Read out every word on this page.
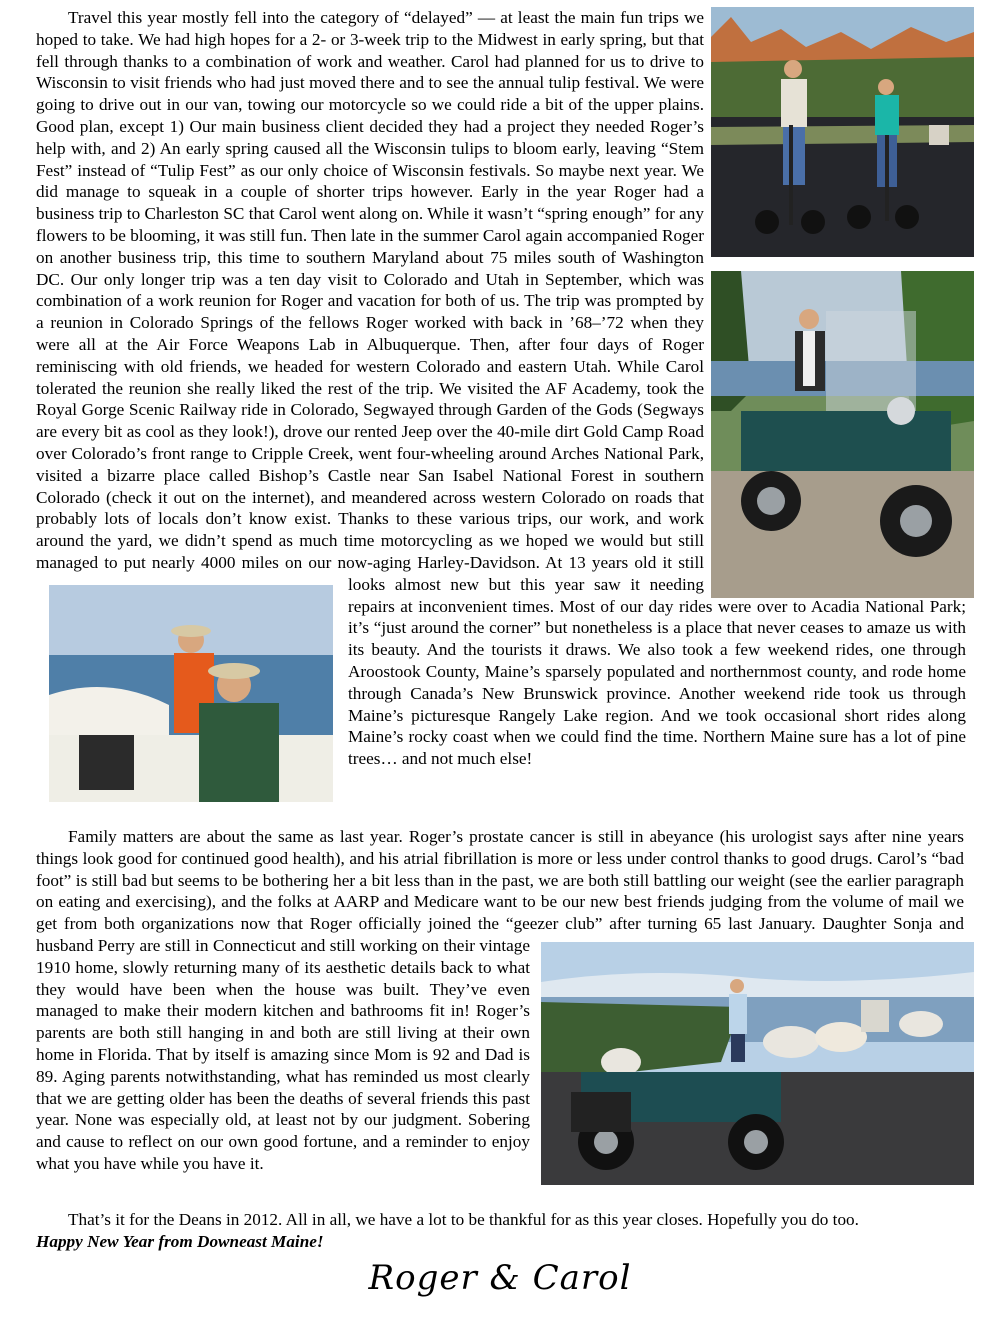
Travel this year mostly fell into the category of “delayed” — at least the main fun trips we hoped to take. We had high hopes for a 2- or 3-week trip to the Midwest in early spring, but that fell through thanks to a combination of work and weather. Carol had planned for us to drive to Wisconsin to visit friends who had just moved there and to see the annual tulip festival. We were going to drive out in our van, towing our motorcycle so we could ride a bit of the upper plains. Good plan, except 1) Our main business client decided they had a project they needed Roger’s help with, and 2) An early spring caused all the Wisconsin tulips to bloom early, leaving “Stem Fest” instead of “Tulip Fest” as our only choice of Wisconsin festivals. So maybe next year. We did manage to squeak in a couple of shorter trips however. Early in the year Roger had a business trip to Charleston SC that Carol went along on. While it wasn’t “spring enough” for any flowers to be blooming, it was still fun. Then late in the summer Carol again accompanied Roger on another business trip, this time to southern Maryland about 75 miles south of Washington DC. Our only longer trip was a ten day visit to Colorado and Utah in September, which was combination of a work reunion for Roger and vacation for both of us. The trip was prompted by a reunion in Colorado Springs of the fellows Roger worked with back in ’68–’72 when they were all at the Air Force Weapons Lab in Albuquerque. Then, after four days of Roger reminiscing with old friends, we headed for western Colorado and eastern Utah. While Carol tolerated the reunion she really liked the rest of the trip. We visited the AF Academy, took the Royal Gorge Scenic Railway ride in Colorado, Segwayed through Garden of the Gods (Segways are every bit as cool as they look!), drove our rented Jeep over the 40-mile dirt Gold Camp Road over Colorado’s front range to Cripple Creek, went four-wheeling around Arches National Park, visited a bizarre place called Bishop’s Castle near San Isabel National Forest in southern Colorado (check it out on the internet), and meandered across western Colorado on roads that probably lots of locals don’t know exist. Thanks to these various trips, our work, and work around the yard, we didn’t spend as much time motorcycling as we hoped we would but still managed to put nearly 4000 miles on our now-aging Harley-Davidson. At 13 years old it still looks almost new but this year saw it needing repairs at inconvenient times. Most of our day rides were over to Acadia National Park; it’s “just around the corner” but nonetheless is a place that never ceases to amaze us with its beauty. And the tourists it draws. We also took a few weekend rides, one through Aroostook County, Maine’s sparsely populated and northernmost county, and rode home through Canada’s New Brunswick province. Another weekend ride took us through Maine’s picturesque Rangely Lake region. And we took occasional short rides along Maine’s rocky coast when we could find the time. Northern Maine sure has a lot of pine trees… and not much else!

Family matters are about the same as last year. Roger’s prostate cancer is still in abeyance (his urologist says after nine years things look good for continued good health), and his atrial fibrillation is more or less under control thanks to good drugs. Carol’s “bad foot” is still bad but seems to be bothering her a bit less than in the past, we are both still battling our weight (see the earlier paragraph on eating and exercising), and the folks at AARP and Medicare want to be our new best friends judging from the volume of mail we get from both organizations now that Roger officially joined the “geezer club” after turning 65 last January. Daughter Sonja and husband Perry are still in Connecticut and still working on their vintage 1910 home, slowly returning many of its aesthetic details back to what they would have been when the house was built. They’ve even managed to make their modern kitchen and bathrooms fit in! Roger’s parents are both still hanging in and both are still living at their own home in Florida. That by itself is amazing since Mom is 92 and Dad is 89. Aging parents notwithstanding, what has reminded us most clearly that we are getting older has been the deaths of several friends this past year. None was especially old, at least not by our judgment. Sobering and cause to reflect on our own good fortune, and a reminder to enjoy what you have while you have it.

That’s it for the Deans in 2012. All in all, we have a lot to be thankful for as this year closes. Hopefully you do too.
Happy New Year from Downeast Maine!
Roger & Carol
